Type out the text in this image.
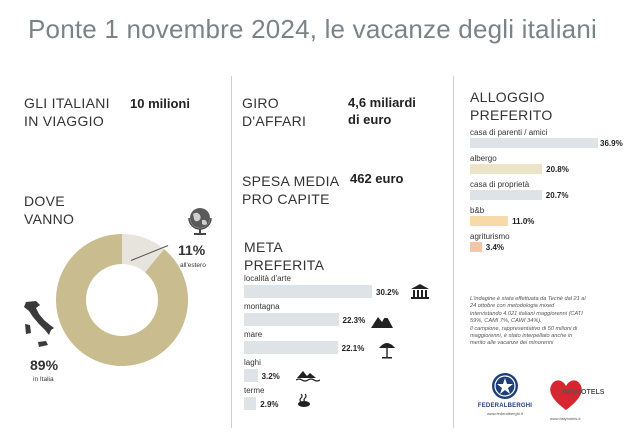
Ponte 1 novembre 2024, le vacanze degli italiani
GLI ITALIANI
IN VIAGGIO
10 milioni
DOVE
VANNO
11%
all'estero
89%
in Italia
GIRO
D'AFFARI
4,6 miliardi
di euro
SPESA MEDIA
PRO CAPITE
462 euro
META
PREFERITA
località d'arte
30.2%
montagna
22.3%
mare
22.1%
laghi
3.2%
terme
2.9%
ALLOGGIO
PREFERITO
casa di parenti / amici
36.9%
albergo
20.8%
casa di proprietà
20.7%
b&b
11.0%
agriturismo
3.4%
L'indagine è stata effettuata da Tecnè dal 21 al
24 ottobre con metodologia mixed
intervistando 4.021 italiani maggiorenni (CATI
59%, CAMI 7%, CAWI 34%).
Il campione, rappresentativo di 50 milioni di
maggiorenni, è stato interpellato anche in
merito alle vacanze dei minorenni
FEDERALBERGHI
www.federalberghi.it
italyHOTELS
www.italyhotels.it
